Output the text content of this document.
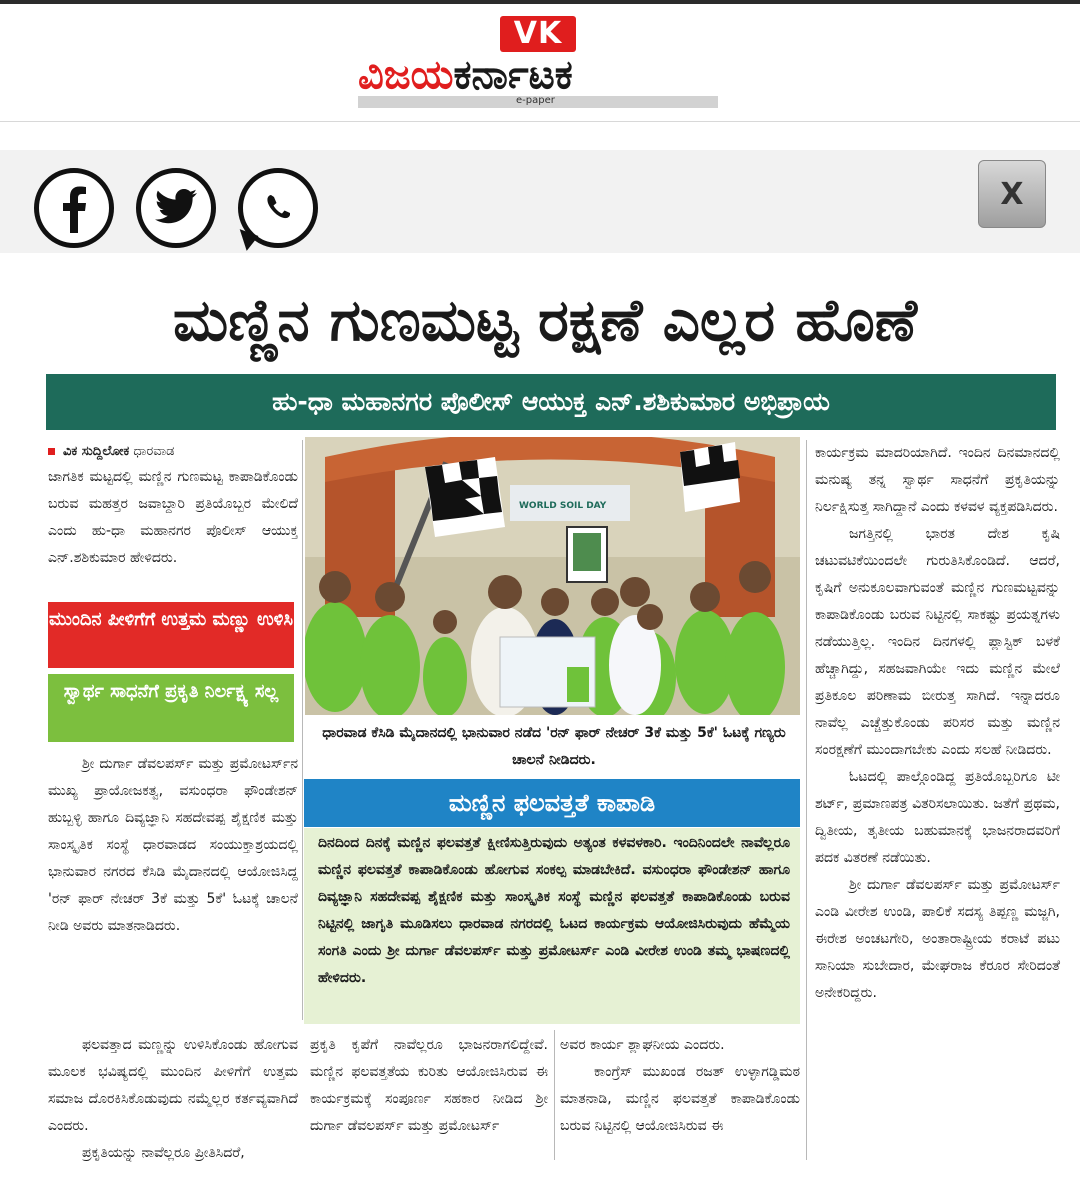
VK
ವಿಜಯಕರ್ನಾಟಕ
e-paper
X
ಮಣ್ಣಿನ ಗುಣಮಟ್ಟ ರಕ್ಷಣೆ ಎಲ್ಲರ ಹೊಣೆ
ಹು-ಧಾ ಮಹಾನಗರ ಪೊಲೀಸ್ ಆಯುಕ್ತ ಎನ್.ಶಶಿಕುಮಾರ ಅಭಿಪ್ರಾಯ
ವಿಕ ಸುದ್ದಿಲೋಕ ಧಾರವಾಡ

ಜಾಗತಿಕ ಮಟ್ಟದಲ್ಲಿ ಮಣ್ಣಿನ ಗುಣಮಟ್ಟ ಕಾಪಾಡಿಕೊಂಡು ಬರುವ ಮಹತ್ತರ ಜವಾಬ್ದಾರಿ ಪ್ರತಿಯೊಬ್ಬರ ಮೇಲಿದೆ ಎಂದು ಹು-ಧಾ ಮಹಾನಗರ ಪೊಲೀಸ್ ಆಯುಕ್ತ ಎನ್.ಶಶಿಕುಮಾರ ಹೇಳಿದರು.

ಮುಂದಿನ ಪೀಳಿಗೆಗೆ ಉತ್ತಮ ಮಣ್ಣು ಉಳಿಸಿ
ಸ್ವಾರ್ಥ ಸಾಧನೆಗೆ ಪ್ರಕೃತಿ ನಿರ್ಲಕ್ಷ್ಯ ಸಲ್ಲ

ಶ್ರೀ ದುರ್ಗಾ ಡೆವಲಪರ್ಸ್ ಮತ್ತು ಪ್ರಮೋಟರ್ಸ್‌ನ ಮುಖ್ಯ ಪ್ರಾಯೋಜಕತ್ವ, ವಸುಂಧರಾ ಫೌಂಡೇಶನ್ ಹುಬ್ಬಳ್ಳಿ ಹಾಗೂ ದಿವ್ಯಜ್ಞಾನಿ ಸಹದೇವಪ್ಪ ಶೈಕ್ಷಣಿಕ ಮತ್ತು ಸಾಂಸ್ಕೃತಿಕ ಸಂಸ್ಥೆ ಧಾರವಾಡದ ಸಂಯುಕ್ತಾಶ್ರಯದಲ್ಲಿ ಭಾನುವಾರ ನಗರದ ಕೆಸಿಡಿ ಮೈದಾನದಲ್ಲಿ ಆಯೋಜಿಸಿದ್ದ 'ರನ್ ಫಾರ್ ನೇಚರ್ 3ಕೆ ಮತ್ತು 5ಕೆ' ಓಟಕ್ಕೆ ಚಾಲನೆ ನೀಡಿ ಅವರು ಮಾತನಾಡಿದರು.

ಫಲವತ್ತಾದ ಮಣ್ಣನ್ನು ಉಳಿಸಿಕೊಂಡು ಹೋಗುವ ಮೂಲಕ ಭವಿಷ್ಯದಲ್ಲಿ ಮುಂದಿನ ಪೀಳಿಗೆಗೆ ಉತ್ತಮ ಸಮಾಜ ದೊರಕಿಸಿಕೊಡುವುದು ನಮ್ಮೆಲ್ಲರ ಕರ್ತವ್ಯವಾಗಿದೆ ಎಂದರು.

ಪ್ರಕೃತಿಯನ್ನು ನಾವೆಲ್ಲರೂ ಪ್ರೀತಿಸಿದರೆ,

WORLD SOIL DAY
ಧಾರವಾಡ ಕೆಸಿಡಿ ಮೈದಾನದಲ್ಲಿ ಭಾನುವಾರ ನಡೆದ 'ರನ್ ಫಾರ್ ನೇಚರ್ 3ಕೆ ಮತ್ತು 5ಕೆ' ಓಟಕ್ಕೆ ಗಣ್ಯರು ಚಾಲನೆ ನೀಡಿದರು.
ಮಣ್ಣಿನ ಫಲವತ್ತತೆ ಕಾಪಾಡಿ
ದಿನದಿಂದ ದಿನಕ್ಕೆ ಮಣ್ಣಿನ ಫಲವತ್ತತೆ ಕ್ಷೀಣಿಸುತ್ತಿರುವುದು ಅತ್ಯಂತ ಕಳವಳಕಾರಿ. ಇಂದಿನಿಂದಲೇ ನಾವೆಲ್ಲರೂ ಮಣ್ಣಿನ ಫಲವತ್ತತೆ ಕಾಪಾಡಿಕೊಂಡು ಹೋಗುವ ಸಂಕಲ್ಪ ಮಾಡಬೇಕಿದೆ. ವಸುಂಧರಾ ಫೌಂಡೇಶನ್ ಹಾಗೂ ದಿವ್ಯಜ್ಞಾನಿ ಸಹದೇವಪ್ಪ ಶೈಕ್ಷಣಿಕ ಮತ್ತು ಸಾಂಸ್ಕೃತಿಕ ಸಂಸ್ಥೆ ಮಣ್ಣಿನ ಫಲವತ್ತತೆ ಕಾಪಾಡಿಕೊಂಡು ಬರುವ ನಿಟ್ಟಿನಲ್ಲಿ ಜಾಗೃತಿ ಮೂಡಿಸಲು ಧಾರವಾಡ ನಗರದಲ್ಲಿ ಓಟದ ಕಾರ್ಯಕ್ರಮ ಆಯೋಜಿಸಿರುವುದು ಹೆಮ್ಮೆಯ ಸಂಗತಿ ಎಂದು ಶ್ರೀ ದುರ್ಗಾ ಡೆವಲಪರ್ಸ್ ಮತ್ತು ಪ್ರಮೋಟರ್ಸ್ ಎಂಡಿ ವೀರೇಶ ಉಂಡಿ ತಮ್ಮ ಭಾಷಣದಲ್ಲಿ ಹೇಳಿದರು.

ಪ್ರಕೃತಿ ಕೃಪೆಗೆ ನಾವೆಲ್ಲರೂ ಭಾಜನರಾಗಲಿದ್ದೇವೆ. ಮಣ್ಣಿನ ಫಲವತ್ತತೆಯ ಕುರಿತು ಆಯೋಜಿಸಿರುವ ಈ ಕಾರ್ಯಕ್ರಮಕ್ಕೆ ಸಂಪೂರ್ಣ ಸಹಕಾರ ನೀಡಿದ ಶ್ರೀ ದುರ್ಗಾ ಡೆವಲಪರ್ಸ್ ಮತ್ತು ಪ್ರಮೋಟರ್ಸ್

ಅವರ ಕಾರ್ಯ ಶ್ಲಾಘನೀಯ ಎಂದರು.

ಕಾಂಗ್ರೆಸ್ ಮುಖಂಡ ರಜತ್ ಉಳ್ಳಾಗಡ್ಡಿಮಠ ಮಾತನಾಡಿ, ಮಣ್ಣಿನ ಫಲವತ್ತತೆ ಕಾಪಾಡಿಕೊಂಡು ಬರುವ ನಿಟ್ಟಿನಲ್ಲಿ ಆಯೋಜಿಸಿರುವ ಈ

ಕಾರ್ಯಕ್ರಮ ಮಾದರಿಯಾಗಿದೆ. ಇಂದಿನ ದಿನಮಾನದಲ್ಲಿ ಮನುಷ್ಯ ತನ್ನ ಸ್ವಾರ್ಥ ಸಾಧನೆಗೆ ಪ್ರಕೃತಿಯನ್ನು ನಿರ್ಲಕ್ಷಿಸುತ್ತ ಸಾಗಿದ್ದಾನೆ ಎಂದು ಕಳವಳ ವ್ಯಕ್ತಪಡಿಸಿದರು.

ಜಗತ್ತಿನಲ್ಲಿ ಭಾರತ ದೇಶ ಕೃಷಿ ಚಟುವಟಿಕೆಯಿಂದಲೇ ಗುರುತಿಸಿಕೊಂಡಿದೆ. ಆದರೆ, ಕೃಷಿಗೆ ಅನುಕೂಲವಾಗುವಂತೆ ಮಣ್ಣಿನ ಗುಣಮಟ್ಟವನ್ನು ಕಾಪಾಡಿಕೊಂಡು ಬರುವ ನಿಟ್ಟಿನಲ್ಲಿ ಸಾಕಷ್ಟು ಪ್ರಯತ್ನಗಳು ನಡೆಯುತ್ತಿಲ್ಲ. ಇಂದಿನ ದಿನಗಳಲ್ಲಿ ಪ್ಲಾಸ್ಟಿಕ್ ಬಳಕೆ ಹೆಚ್ಚಾಗಿದ್ದು, ಸಹಜವಾಗಿಯೇ ಇದು ಮಣ್ಣಿನ ಮೇಲೆ ಪ್ರತಿಕೂಲ ಪರಿಣಾಮ ಬೀರುತ್ತ ಸಾಗಿದೆ. ಇನ್ನಾದರೂ ನಾವೆಲ್ಲ ಎಚ್ಚೆತ್ತುಕೊಂಡು ಪರಿಸರ ಮತ್ತು ಮಣ್ಣಿನ ಸಂರಕ್ಷಣೆಗೆ ಮುಂದಾಗಬೇಕು ಎಂದು ಸಲಹೆ ನೀಡಿದರು.

ಓಟದಲ್ಲಿ ಪಾಲ್ಗೊಂಡಿದ್ದ ಪ್ರತಿಯೊಬ್ಬರಿಗೂ ಟೀ ಶರ್ಟ್, ಪ್ರಮಾಣಪತ್ರ ವಿತರಿಸಲಾಯಿತು. ಜತೆಗೆ ಪ್ರಥಮ, ದ್ವಿತೀಯ, ತೃತೀಯ ಬಹುಮಾನಕ್ಕೆ ಭಾಜನರಾದವರಿಗೆ ಪದಕ ವಿತರಣೆ ನಡೆಯಿತು.

ಶ್ರೀ ದುರ್ಗಾ ಡೆವಲಪರ್ಸ್ ಮತ್ತು ಪ್ರಮೋಟರ್ಸ್ ಎಂಡಿ ವೀರೇಶ ಉಂಡಿ, ಪಾಲಿಕೆ ಸದಸ್ಯ ತಿಪ್ಪಣ್ಣ ಮಜ್ಜಗಿ, ಈರೇಶ ಅಂಚಟಗೇರಿ, ಅಂತಾರಾಷ್ಟ್ರೀಯ ಕರಾಟೆ ಪಟು ಸಾನಿಯಾ ಸುಬೇದಾರ, ಮೇಘರಾಜ ಕೆರೂರ ಸೇರಿದಂತೆ ಅನೇಕರಿದ್ದರು.
